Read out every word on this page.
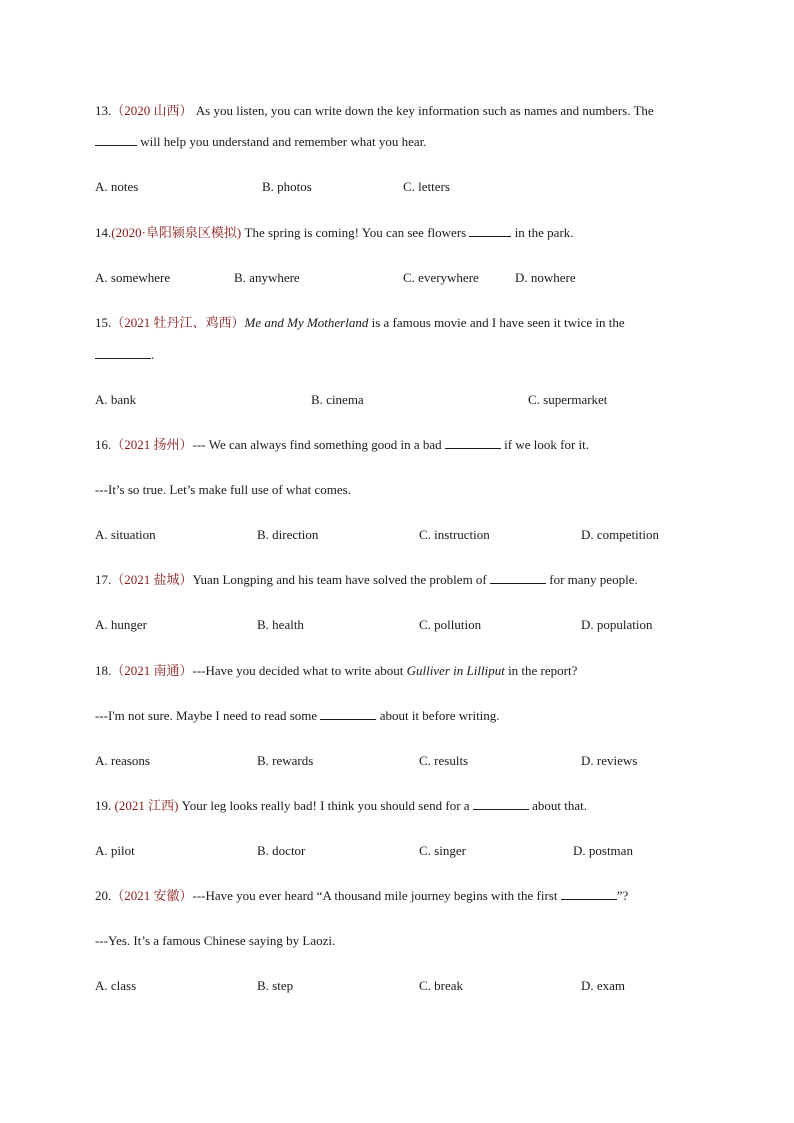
13.（2020 山西） As you listen, you can write down the key information such as names and numbers. The
will help you understand and remember what you hear.
A. notes	B. photos	C. letters
14.(2020·阜阳颍泉区模拟) The spring is coming! You can see flowers	in the park.
A. somewhere	B. anywhere	C. everywhere	D. nowhere
15.（2021 牡丹江、鸡西）Me and My Motherland is a famous movie and I have seen it twice in the
.
A. bank	B. cinema	C. supermarket
16.（2021 扬州）--- We can always find something good in a bad	if we look for it.
---It’s so true. Let’s make full use of what comes.
A. situation	B. direction	C. instruction	D. competition
17.（2021 盐城）Yuan Longping and his team have solved the problem of	for many people.
A. hunger	B. health	C. pollution	D. population
18.（2021 南通）---Have you decided what to write about Gulliver in Lilliput in the report?
---I'm not sure. Maybe I need to read some	about it before writing.
A. reasons	B. rewards	C. results	D. reviews
19. (2021 江西) Your leg looks really bad! I think you should send for a	about that.
A. pilot	B. doctor	C. singer	D. postman
20.（2021 安徽）---Have you ever heard “A thousand mile journey begins with the first	”?
---Yes. It’s a famous Chinese saying by Laozi.
A. class	B. step	C. break	D. exam
